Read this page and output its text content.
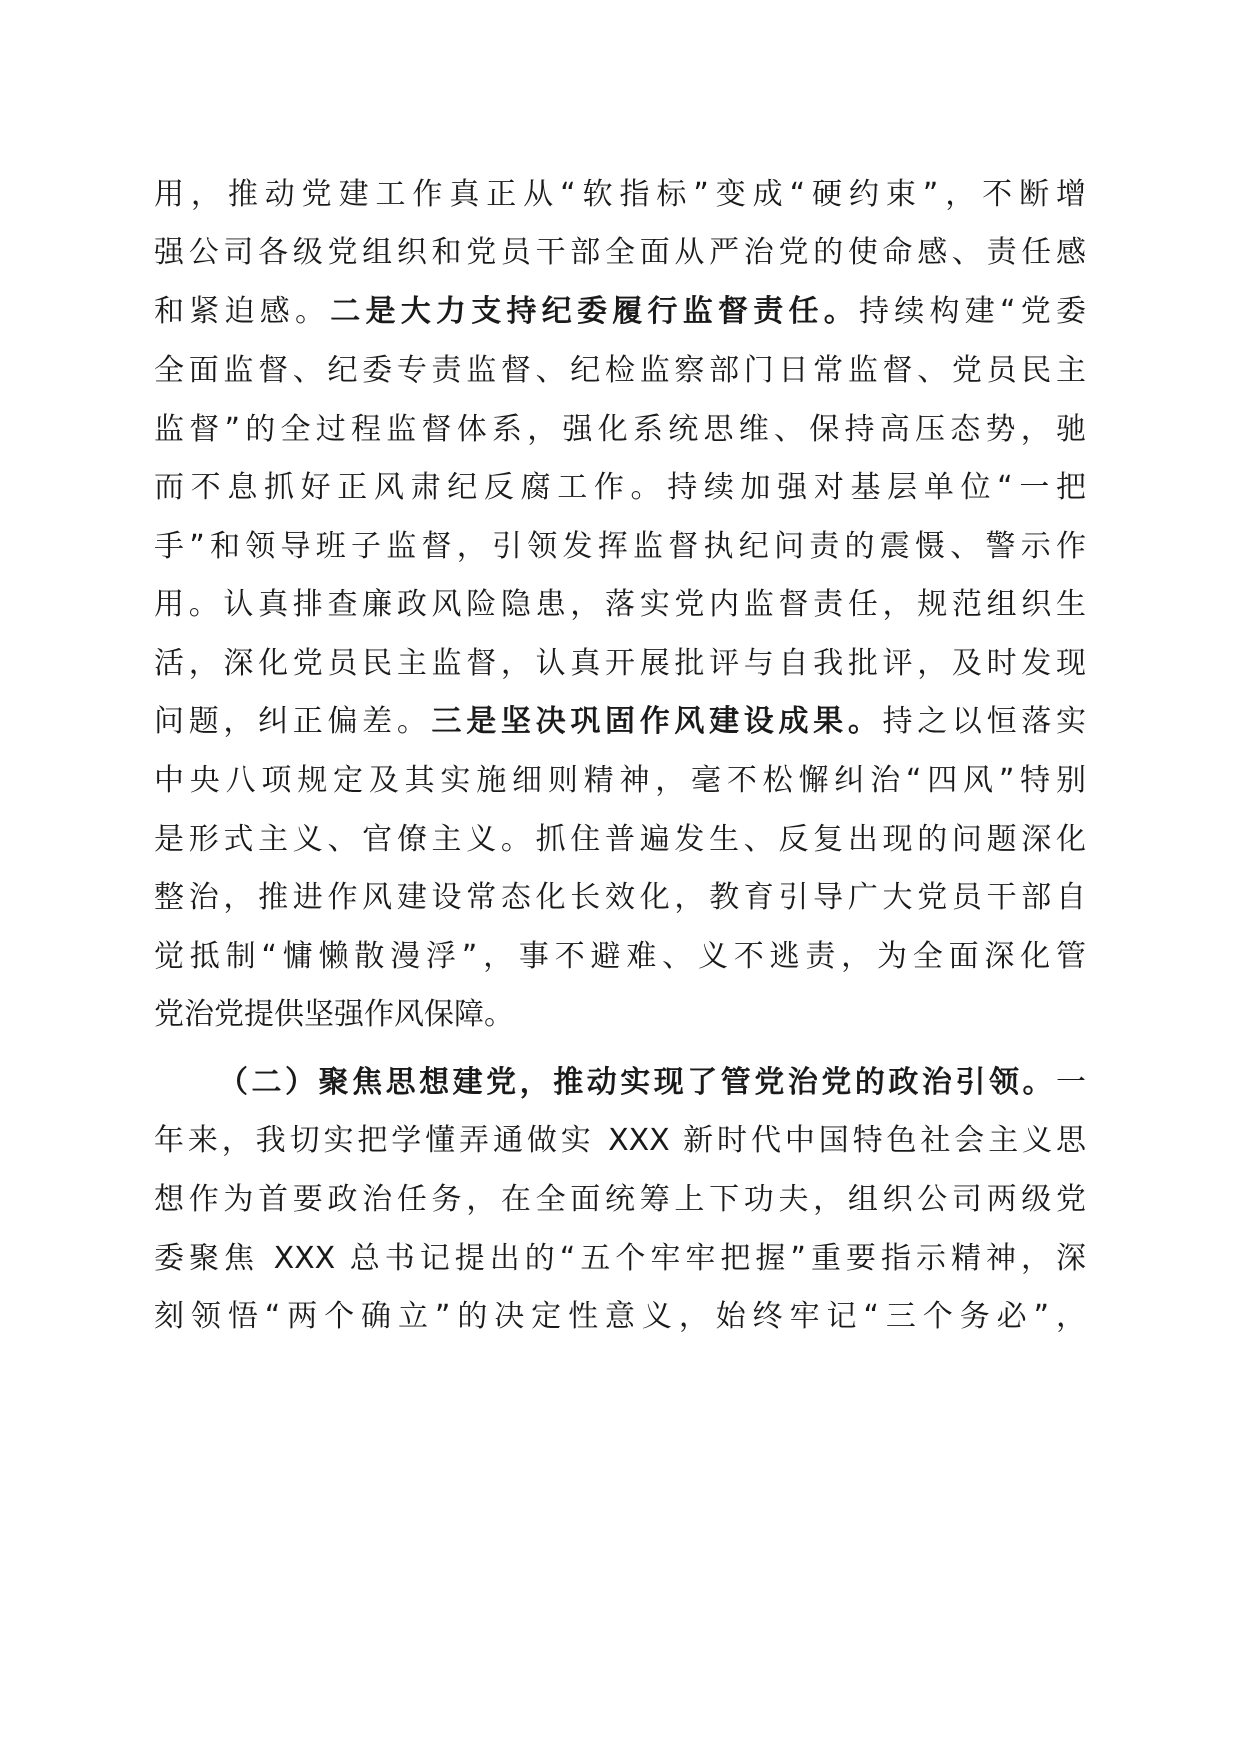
用，推动党建工作真正从“软指标”变成“硬约束”，不断增
强公司各级党组织和党员干部全面从严治党的使命感、责任感
和紧迫感。二是大力支持纪委履行监督责任。持续构建“党委
全面监督、纪委专责监督、纪检监察部门日常监督、党员民主
监督”的全过程监督体系，强化系统思维、保持高压态势，驰
而不息抓好正风肃纪反腐工作。持续加强对基层单位“一把
手”和领导班子监督，引领发挥监督执纪问责的震慑、警示作
用。认真排查廉政风险隐患，落实党内监督责任，规范组织生
活，深化党员民主监督，认真开展批评与自我批评，及时发现
问题，纠正偏差。三是坚决巩固作风建设成果。持之以恒落实
中央八项规定及其实施细则精神，毫不松懈纠治“四风”特别
是形式主义、官僚主义。抓住普遍发生、反复出现的问题深化
整治，推进作风建设常态化长效化，教育引导广大党员干部自
觉抵制“慵懒散漫浮”，事不避难、义不逃责，为全面深化管
党治党提供坚强作风保障。
（二）聚焦思想建党，推动实现了管党治党的政治引领。一
年来，我切实把学懂弄通做实 XXX 新时代中国特色社会主义思
想作为首要政治任务，在全面统筹上下功夫，组织公司两级党
委聚焦 XXX 总书记提出的“五个牢牢把握”重要指示精神，深
刻领悟“两个确立”的决定性意义，始终牢记“三个务必”，
